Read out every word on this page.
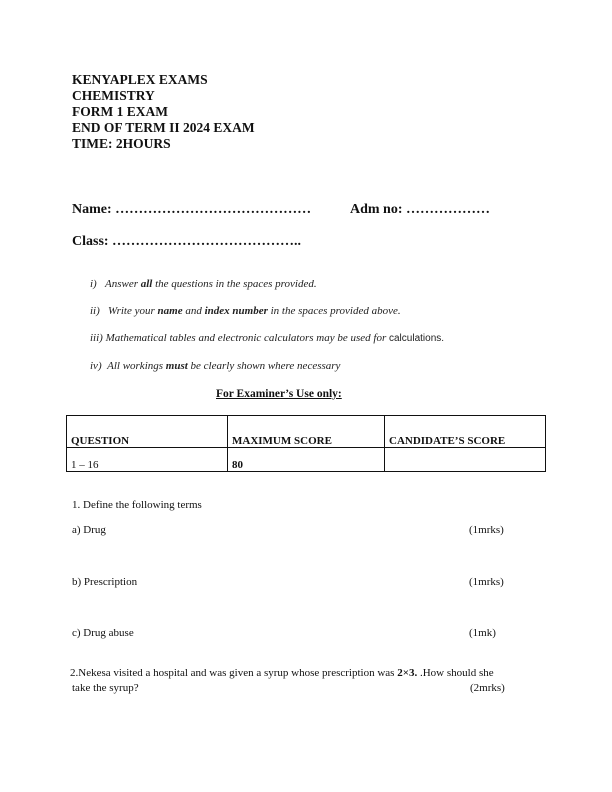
KENYAPLEX EXAMS
CHEMISTRY
FORM 1 EXAM
END OF TERM II 2024 EXAM
TIME: 2HOURS
Name: ……………………………………	Adm no: ………………
Class: …………………………………..
i) Answer all the questions in the spaces provided.
ii) Write your name and index number in the spaces provided above.
iii) Mathematical tables and electronic calculators may be used for calculations.
iv) All workings must be clearly shown where necessary
For Examiner’s Use only:
QUESTION	MAXIMUM SCORE	CANDIDATE’S SCORE
1 – 16	80	
1. Define the following terms
a) Drug	(1mrks)
b) Prescription	(1mrks)
c) Drug abuse	(1mk)
2.Nekesa visited a hospital and was given a syrup whose prescription was 2×3. .How should she
take the syrup?	(2mrks)
